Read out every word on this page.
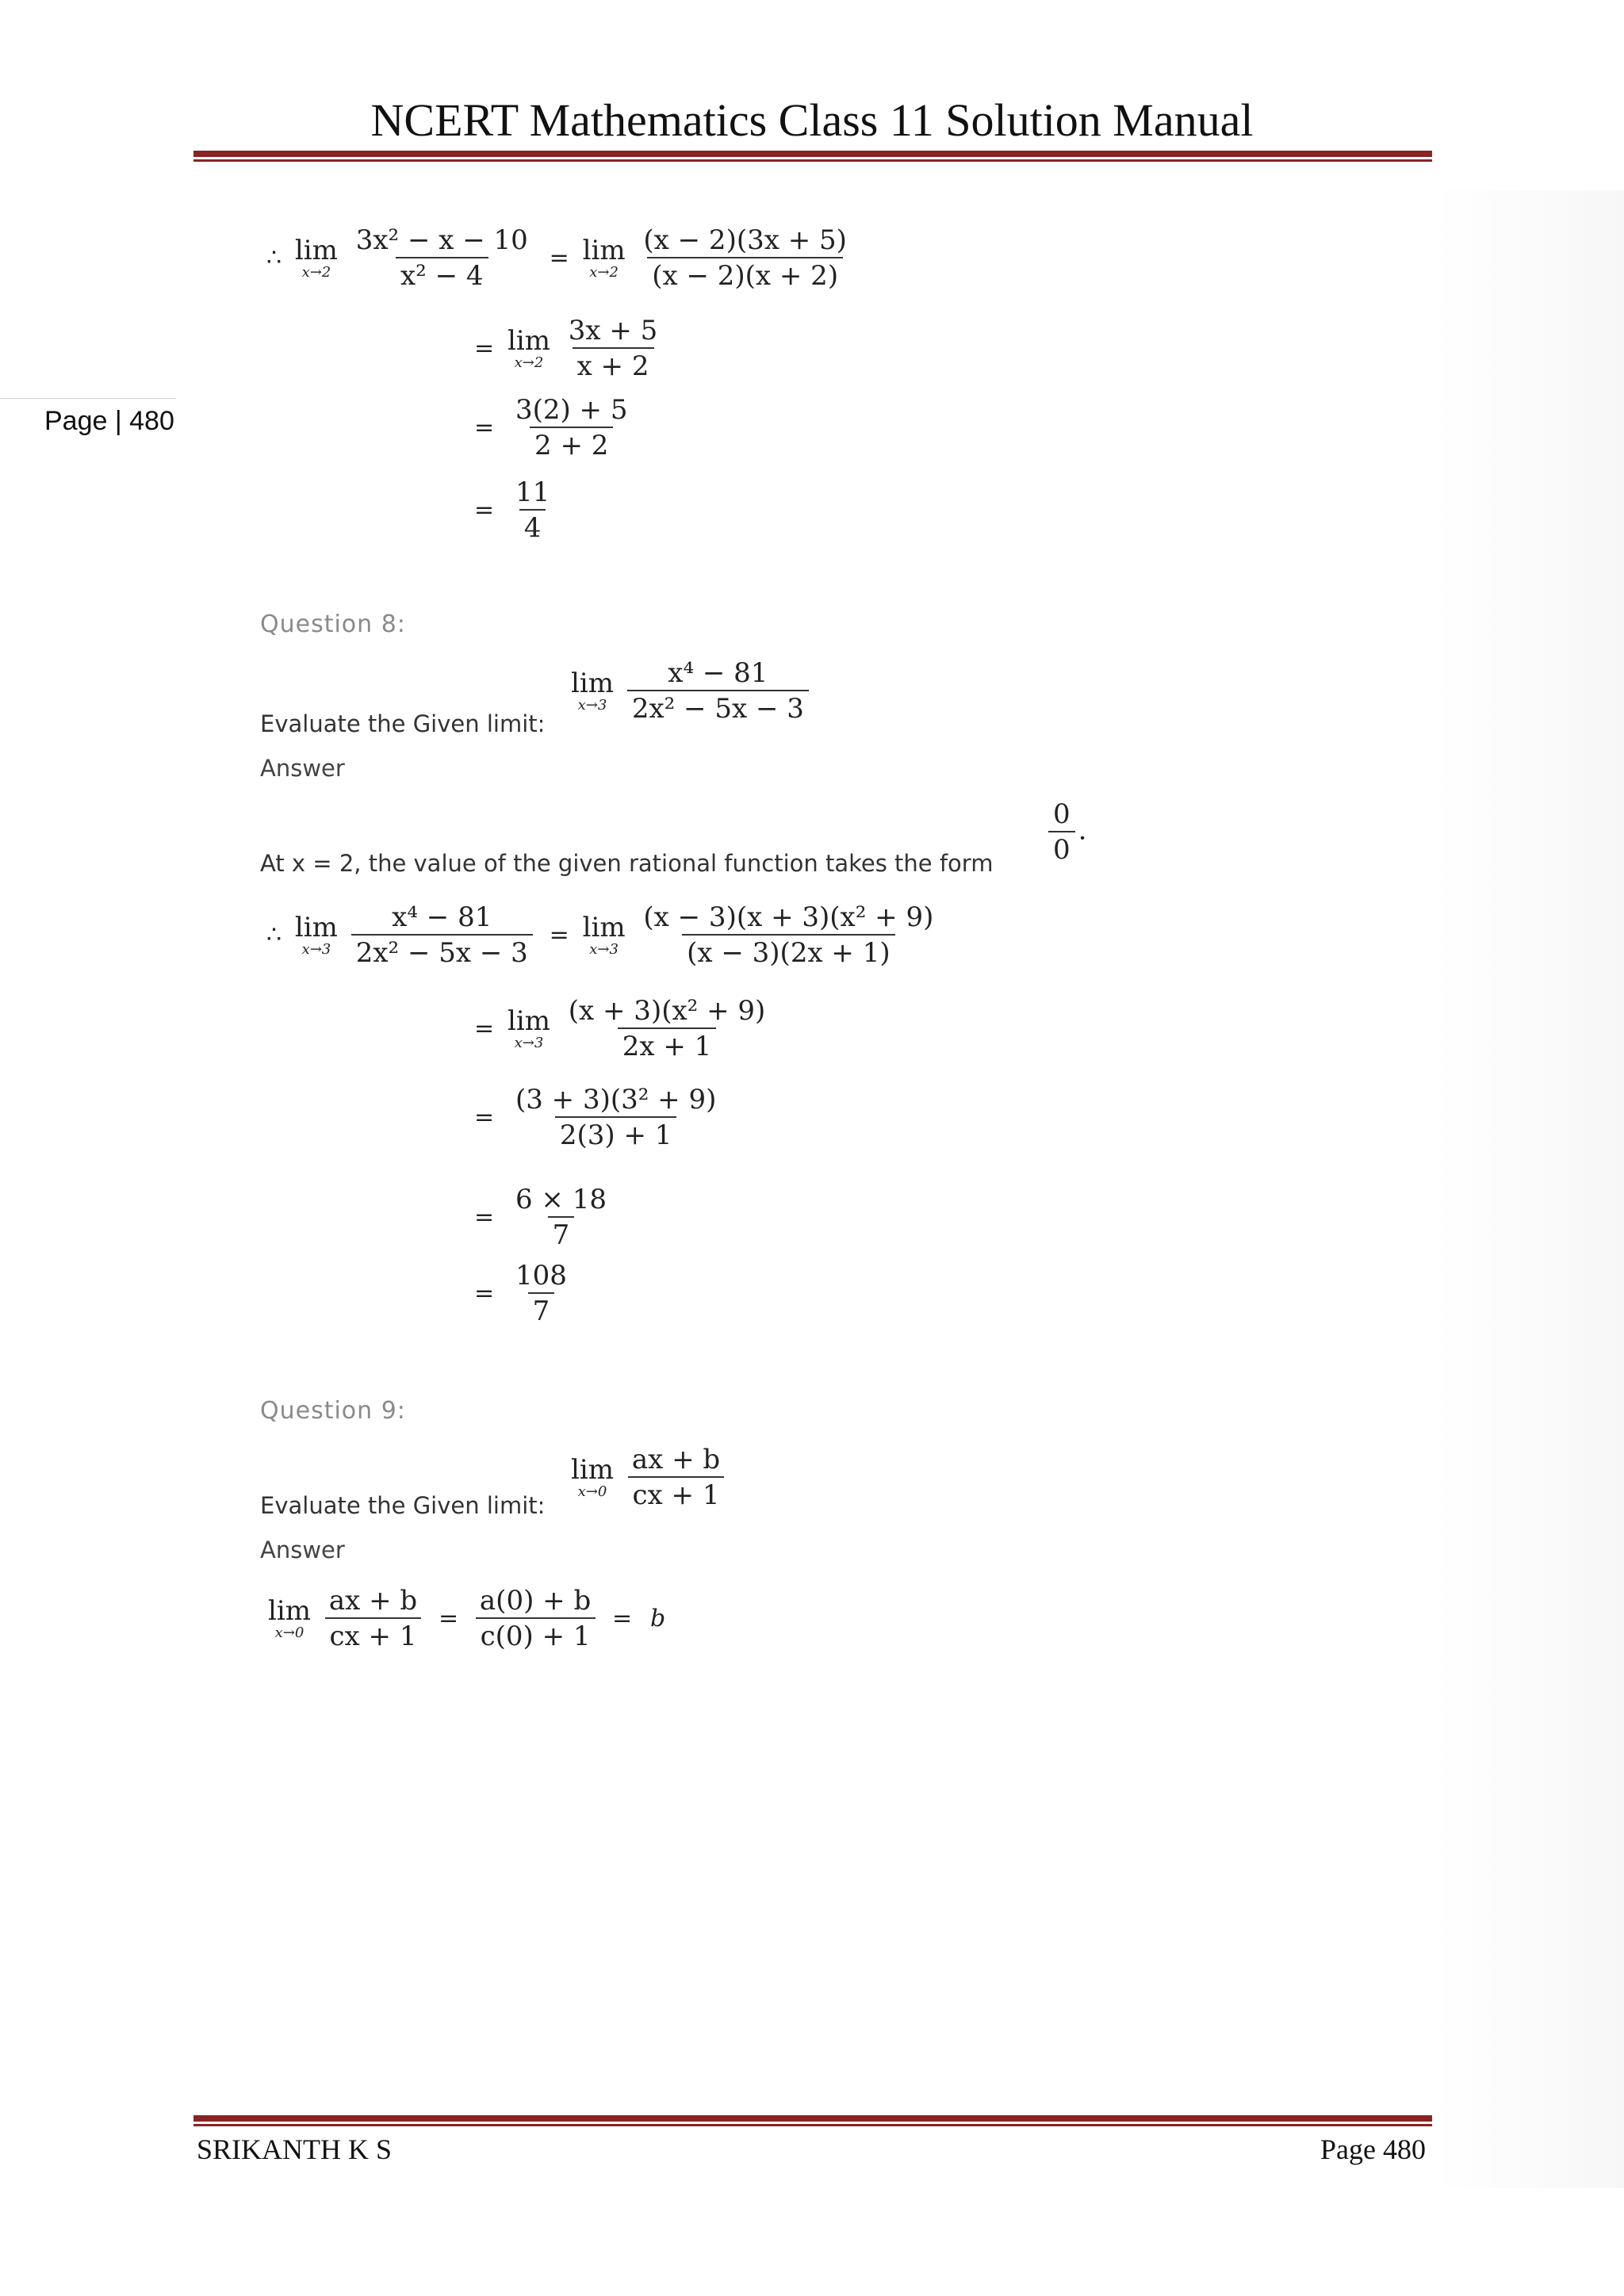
NCERT Mathematics Class 11 Solution Manual
Page | 480
∴ lim
x→2
$\frac{\text{3x² − x − 10}}{\text{x² − 4}} = \lim$
x→2
$\frac{(x - 2)(3x + 5)}{(x - 2)(x + 2)}$
= lim
x→2
$\frac{3x + 5}{x + 2}$
= $\frac{3(2) + 5}{2 + 2}$
= $\frac{11}{4}$
Question 8:
Evaluate the Given limit:
lim
x→3
$\frac{\text{x⁴ − 81}}{\text{2x² − 5x − 3}}$
Answer
At x = 2, the value of the given rational function takes the form $\frac{0}{0}$ .
∴ lim
x→3
$\frac{\text{x⁴ − 81}}{\text{2x² − 5x − 3}} = \lim$
x→3
$\frac{\text{(x − 3)(x + 3)(x² + 9)}}{(x - 3)(2x + 1)}$
= lim
x→3
$\frac{\text{(x + 3)(x² + 9)}}{2x + 1}$
= $\frac{\text{(3 + 3)(3² + 9)}}{2(3) + 1}$
= $\frac{6 \times 18}{7}$
= $\frac{108}{7}$
Question 9:
Evaluate the Given limit:
lim
x→0
$\frac{ax + b}{cx + 1}$
Answer
lim
x→0
$\frac{ax + b}{cx + 1} = \frac{a(0) + b}{c(0) + 1} = b$
SRIKANTH K S	Page 480
